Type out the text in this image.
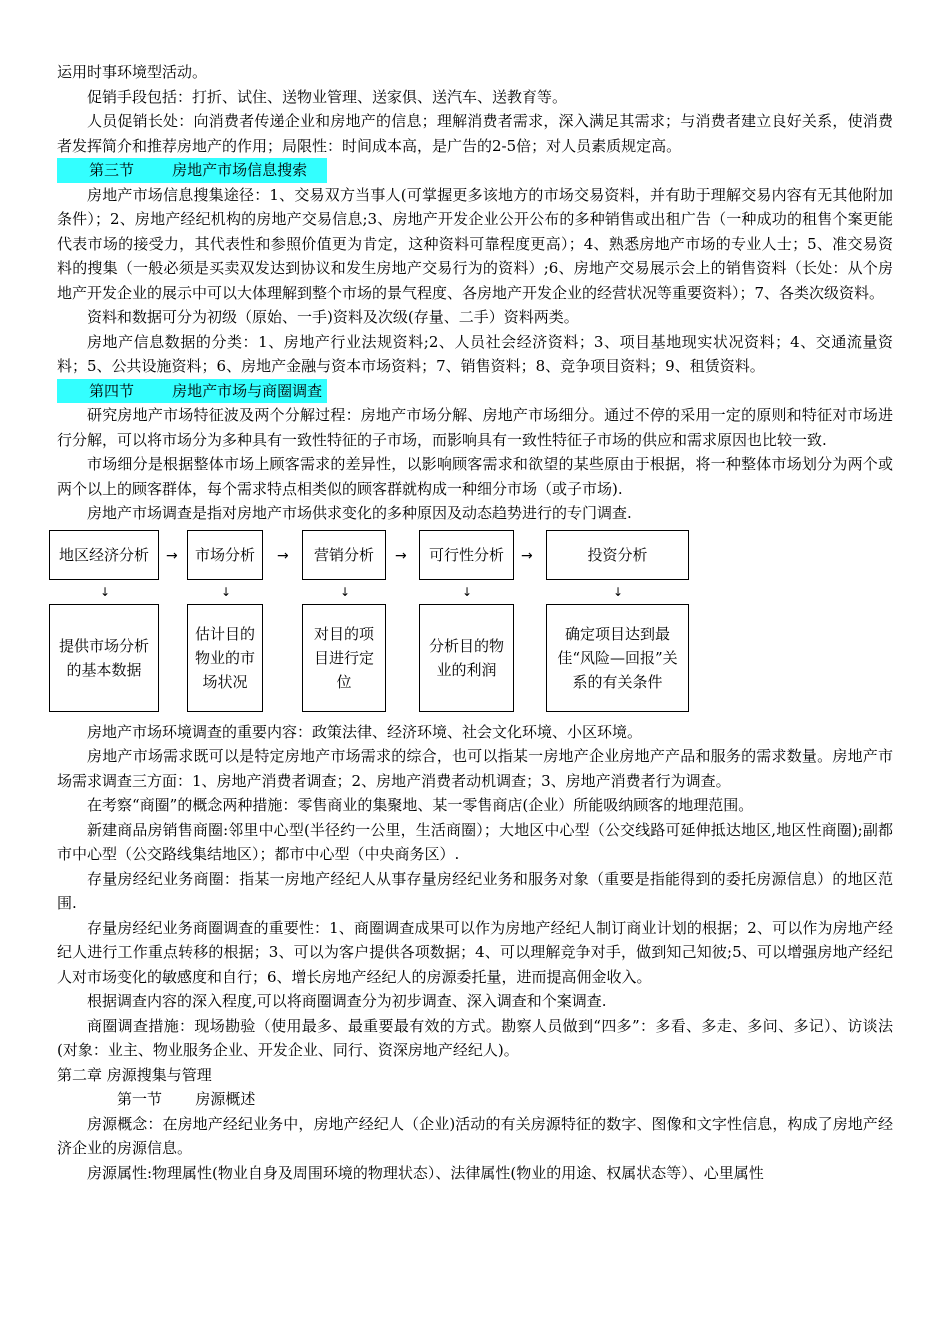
运用时事环境型活动。

促销手段包括：打折、试住、送物业管理、送家俱、送汽车、送教育等。

人员促销长处：向消费者传递企业和房地产的信息；理解消费者需求，深入满足其需求；与消费者建立良好关系，使消费者发挥简介和推荐房地产的作用；局限性：时间成本高，是广告的2-5倍；对人员素质规定高。

第三节        房地产市场信息搜索

房地产市场信息搜集途径：1、交易双方当事人(可掌握更多该地方的市场交易资料，并有助于理解交易内容有无其他附加条件）；2、房地产经纪机构的房地产交易信息;3、房地产开发企业公开公布的多种销售或出租广告（一种成功的租售个案更能代表市场的接受力，其代表性和参照价值更为肯定，这种资料可靠程度更高）；4、熟悉房地产市场的专业人士；5、准交易资料的搜集（一般必须是买卖双发达到协议和发生房地产交易行为的资料）;6、房地产交易展示会上的销售资料（长处：从个房地产开发企业的展示中可以大体理解到整个市场的景气程度、各房地产开发企业的经营状况等重要资料）；7、各类次级资料。

资料和数据可分为初级（原始、一手)资料及次级(存量、二手）资料两类。

房地产信息数据的分类：1、房地产行业法规资料;2、人员社会经济资料；3、项目基地现实状况资料；4、交通流量资料；5、公共设施资料；6、房地产金融与资本市场资料；7、销售资料；8、竞争项目资料；9、租赁资料。

第四节        房地产市场与商圈调查

研究房地产市场特征波及两个分解过程：房地产市场分解、房地产市场细分。通过不停的采用一定的原则和特征对市场进行分解，可以将市场分为多种具有一致性特征的子市场，而影响具有一致性特征子市场的供应和需求原因也比较一致.

市场细分是根据整体市场上顾客需求的差异性，以影响顾客需求和欲望的某些原由于根据，将一种整体市场划分为两个或两个以上的顾客群体，每个需求特点相类似的顾客群就构成一种细分市场（或子市场).

房地产市场调查是指对房地产市场供求变化的多种原因及动态趋势进行的专门调查.

地区经济分析	市场分析	营销分析	可行性分析	投资分析
→	→	→	→
↓	↓	↓	↓	↓
提供市场分析的基本数据
估计目的物业的市场状况
对目的项目进行定位
分析目的物业的利润
确定项目达到最佳“风险—回报”关系的有关条件

房地产市场环境调查的重要内容：政策法律、经济环境、社会文化环境、小区环境。

房地产市场需求既可以是特定房地产市场需求的综合，也可以指某一房地产企业房地产产品和服务的需求数量。房地产市场需求调查三方面：1、房地产消费者调查；2、房地产消费者动机调查；3、房地产消费者行为调查。

在考察“商圈”的概念两种措施：零售商业的集聚地、某一零售商店(企业）所能吸纳顾客的地理范围。

新建商品房销售商圈:邻里中心型(半径约一公里，生活商圈）；大地区中心型（公交线路可延伸抵达地区,地区性商圈);副都市中心型（公交路线集结地区）；都市中心型（中央商务区）.

存量房经纪业务商圈：指某一房地产经纪人从事存量房经纪业务和服务对象（重要是指能得到的委托房源信息）的地区范围.

存量房经纪业务商圈调查的重要性：1、商圈调查成果可以作为房地产经纪人制订商业计划的根据；2、可以作为房地产经纪人进行工作重点转移的根据；3、可以为客户提供各项数据；4、可以理解竞争对手，做到知己知彼;5、可以增强房地产经纪人对市场变化的敏感度和自行；6、增长房地产经纪人的房源委托量，进而提高佣金收入。

根据调查内容的深入程度,可以将商圈调查分为初步调查、深入调查和个案调查.

商圈调查措施：现场勘验（使用最多、最重要最有效的方式。勘察人员做到“四多”：多看、多走、多问、多记）、访谈法(对象：业主、物业服务企业、开发企业、同行、资深房地产经纪人)。

第二章 房源搜集与管理

第一节       房源概述

房源概念：在房地产经纪业务中，房地产经纪人（企业)活动的有关房源特征的数字、图像和文字性信息，构成了房地产经济企业的房源信息。

房源属性:物理属性(物业自身及周围环境的物理状态）、法律属性(物业的用途、权属状态等）、心里属性
